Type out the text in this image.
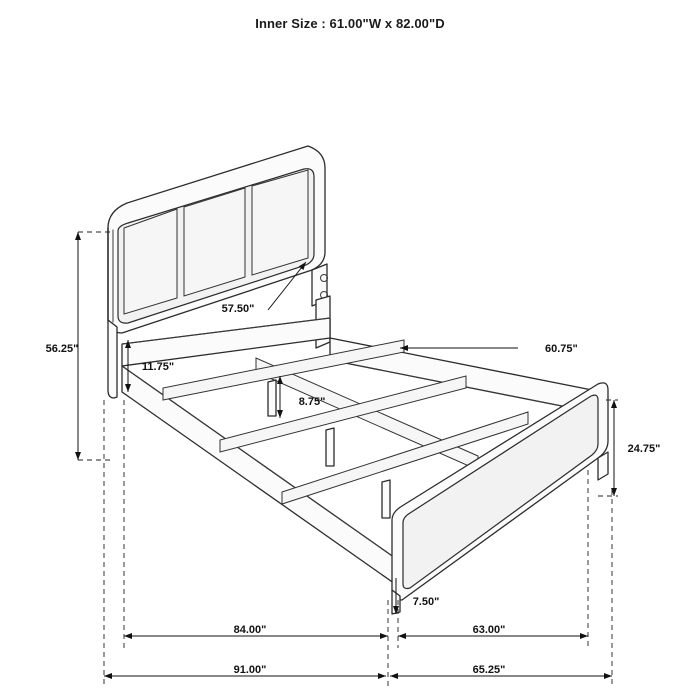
Inner Size : 61.00"W x 82.00"D
56.25"
57.50"
11.75"
8.75"
60.75"
24.75"
7.50"
84.00"	63.00"
91.00"	65.25"
